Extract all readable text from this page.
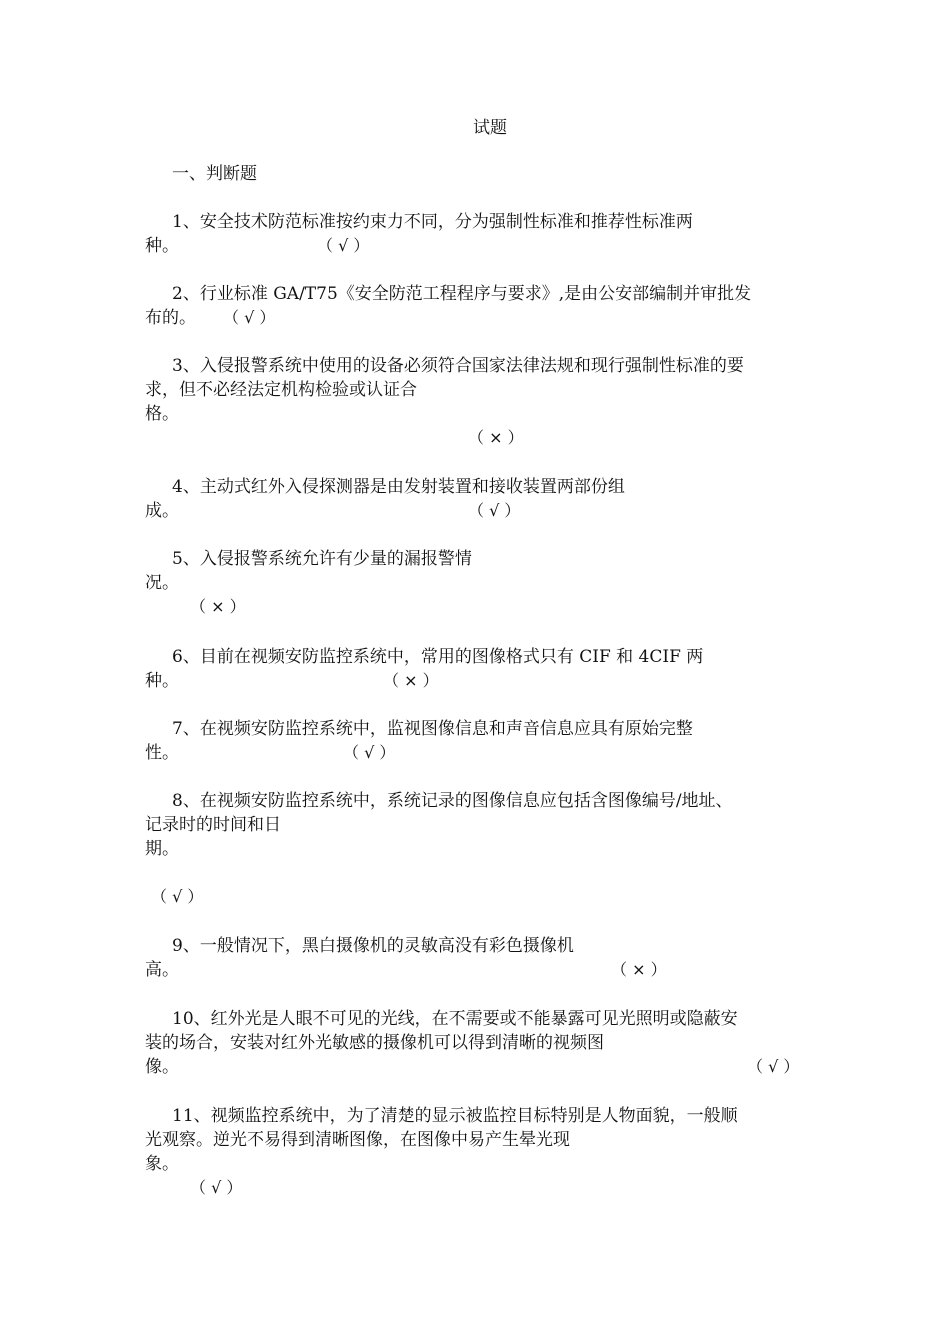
试题
一、判断题
1、安全技术防范标准按约束力不同，分为强制性标准和推荐性标准两
种。	（ √ ）
2、行业标准 GA/T75《安全防范工程程序与要求》,是由公安部编制并审批发
布的。 （ √ ）
3、入侵报警系统中使用的设备必须符合国家法律法规和现行强制性标准的要
求，但不必经法定机构检验或认证合
格。
（ × ）
4、主动式红外入侵探测器是由发射装置和接收装置两部份组
成。	（ √ ）
5、入侵报警系统允许有少量的漏报警情
况。
（ × ）
6、目前在视频安防监控系统中，常用的图像格式只有 CIF 和 4CIF 两
种。	（ × ）
7、在视频安防监控系统中，监视图像信息和声音信息应具有原始完整
性。	（ √ ）
8、在视频安防监控系统中，系统记录的图像信息应包括含图像编号/地址、
记录时的时间和日
期。
（ √ ）
9、一般情况下，黑白摄像机的灵敏高没有彩色摄像机
高。	（ × ）
10、红外光是人眼不可见的光线，在不需要或不能暴露可见光照明或隐蔽安
装的场合，安装对红外光敏感的摄像机可以得到清晰的视频图
像。	（ √ ）
11、视频监控系统中，为了清楚的显示被监控目标特别是人物面貌，一般顺
光观察。逆光不易得到清晰图像，在图像中易产生晕光现
象。
（ √ ）
